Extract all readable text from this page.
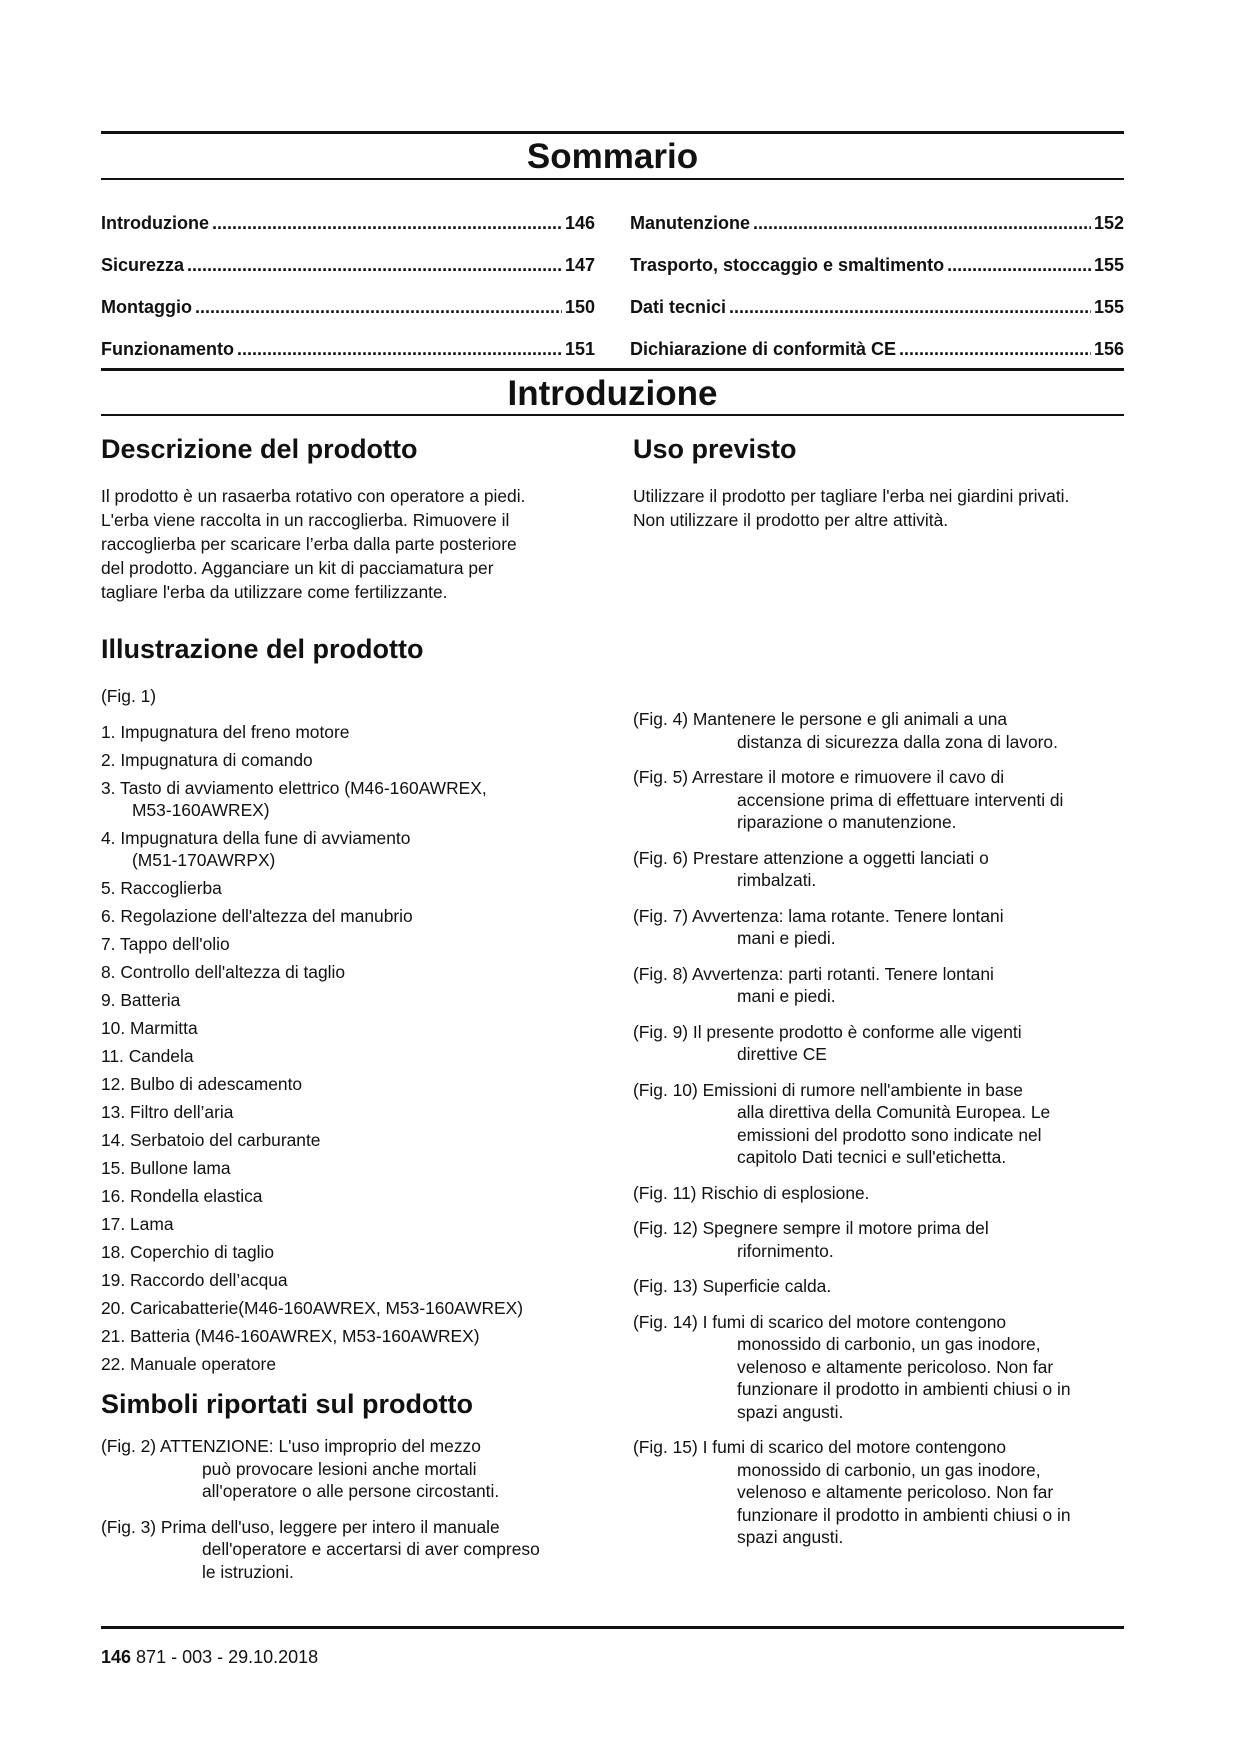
Sommario
Introduzione .....	146
Sicurezza .....	147
Montaggio .....	150
Funzionamento .....	151
Manutenzione .....	152
Trasporto, stoccaggio e smaltimento .....	155
Dati tecnici .....	155
Dichiarazione di conformità CE .....	156
Introduzione
Descrizione del prodotto

Il prodotto è un rasaerba rotativo con operatore a piedi.

L'erba viene raccolta in un raccoglierba. Rimuovere il

raccoglierba per scaricare l’erba dalla parte posteriore

del prodotto. Agganciare un kit di pacciamatura per

tagliare l'erba da utilizzare come fertilizzante.

Illustrazione del prodotto

(Fig. 1)

1. Impugnatura del freno motore
2. Impugnatura di comando
3. Tasto di avviamento elettrico (M46-160AWREX,
M53-160AWREX)
4. Impugnatura della fune di avviamento
(M51-170AWRPX)
5. Raccoglierba
6. Regolazione dell'altezza del manubrio
7. Tappo dell'olio
8. Controllo dell'altezza di taglio
9. Batteria
10. Marmitta
11. Candela
12. Bulbo di adescamento
13. Filtro dell’aria
14. Serbatoio del carburante
15. Bullone lama
16. Rondella elastica
17. Lama
18. Coperchio di taglio
19. Raccordo dell’acqua
20. Caricabatterie(M46-160AWREX, M53-160AWREX)
21. Batteria (M46-160AWREX, M53-160AWREX)
22. Manuale operatore
Simboli riportati sul prodotto

(Fig. 2) ATTENZIONE: L'uso improprio del mezzo
può provocare lesioni anche mortali
all'operatore o alle persone circostanti.

(Fig. 3) Prima dell'uso, leggere per intero il manuale
dell'operatore e accertarsi di aver compreso
le istruzioni.

Uso previsto

Utilizzare il prodotto per tagliare l'erba nei giardini privati.

Non utilizzare il prodotto per altre attività.

(Fig. 4) Mantenere le persone e gli animali a una
distanza di sicurezza dalla zona di lavoro.

(Fig. 5) Arrestare il motore e rimuovere il cavo di
accensione prima di effettuare interventi di
riparazione o manutenzione.

(Fig. 6) Prestare attenzione a oggetti lanciati o
rimbalzati.

(Fig. 7) Avvertenza: lama rotante. Tenere lontani
mani e piedi.

(Fig. 8) Avvertenza: parti rotanti. Tenere lontani
mani e piedi.

(Fig. 9) Il presente prodotto è conforme alle vigenti
direttive CE

(Fig. 10) Emissioni di rumore nell'ambiente in base
alla direttiva della Comunità Europea. Le
emissioni del prodotto sono indicate nel
capitolo Dati tecnici e sull'etichetta.

(Fig. 11) Rischio di esplosione.

(Fig. 12) Spegnere sempre il motore prima del
rifornimento.

(Fig. 13) Superficie calda.

(Fig. 14) I fumi di scarico del motore contengono
monossido di carbonio, un gas inodore,
velenoso e altamente pericoloso. Non far
funzionare il prodotto in ambienti chiusi o in
spazi angusti.

(Fig. 15) I fumi di scarico del motore contengono
monossido di carbonio, un gas inodore,
velenoso e altamente pericoloso. Non far
funzionare il prodotto in ambienti chiusi o in
spazi angusti.

146 871 - 003 - 29.10.2018
